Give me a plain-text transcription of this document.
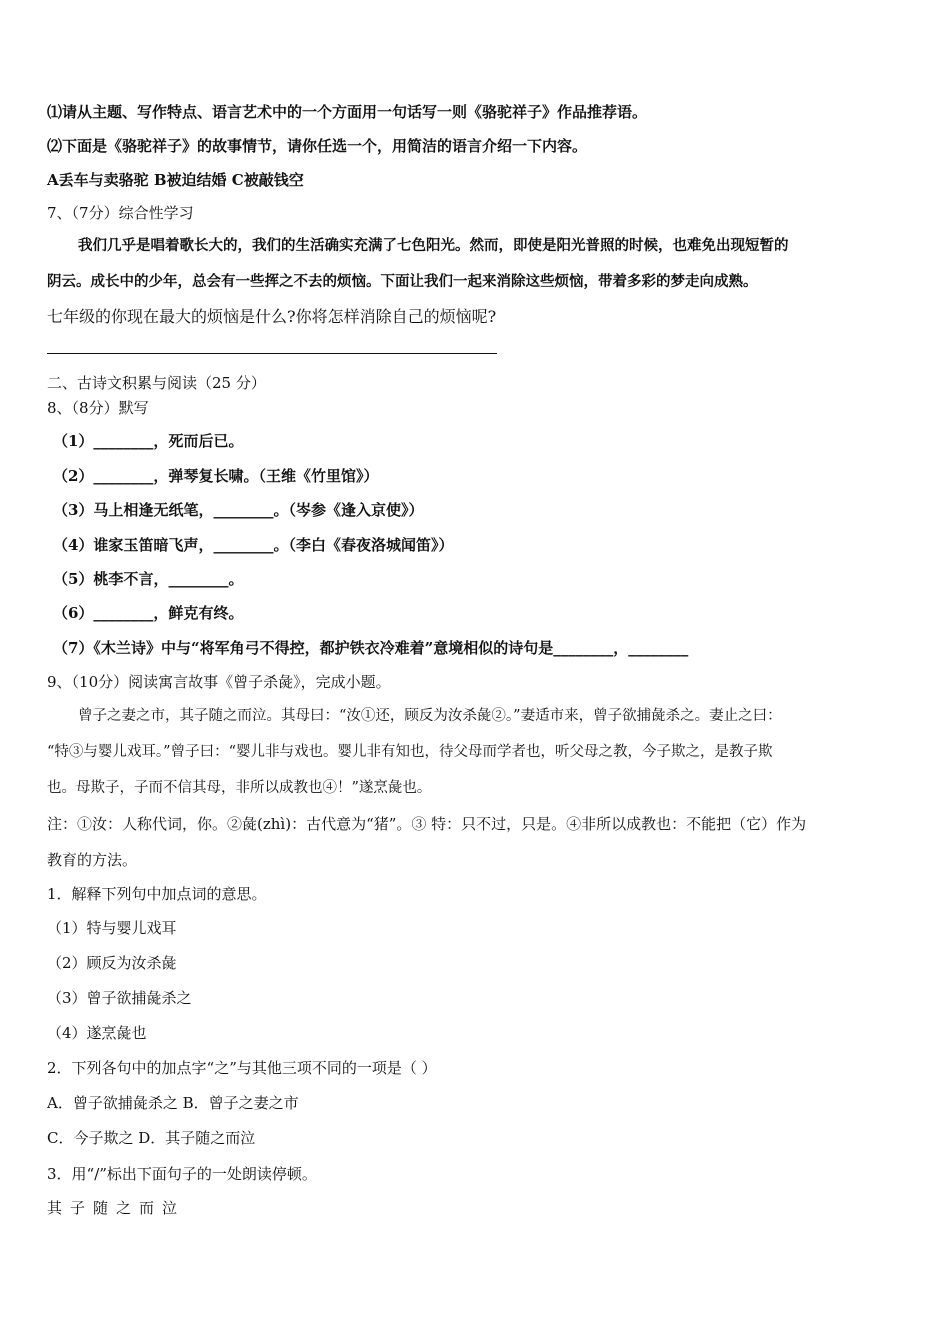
⑴请从主题、写作特点、语言艺术中的一个方面用一句话写一则《骆驼祥子》作品推荐语。
⑵下面是《骆驼祥子》的故事情节，请你任选一个，用简洁的语言介绍一下内容。
A丢车与卖骆驼 B被迫结婚 C被敲钱空
7、（7分）综合性学习
我们几乎是唱着歌长大的，我们的生活确实充满了七色阳光。然而，即使是阳光普照的时候，也难免出现短暂的
阴云。成长中的少年，总会有一些挥之不去的烦恼。下面让我们一起来消除这些烦恼，带着多彩的梦走向成熟。
七年级的你现在最大的烦恼是什么?你将怎样消除自己的烦恼呢?
二、古诗文积累与阅读（25 分）
8、（8分）默写
（1）________，死而后已。
（2）________，弹琴复长啸。（王维《竹里馆》）
（3）马上相逢无纸笔，________。（岑参《逢入京使》）
（4）谁家玉笛暗飞声，________。（李白《春夜洛城闻笛》）
（5）桃李不言，________。
（6）________，鲜克有终。
（7）《木兰诗》中与“将军角弓不得控，都护铁衣冷难着”意境相似的诗句是________，________
9、（10分）阅读寓言故事《曾子杀彘》，完成小题。
曾子之妻之市，其子随之而泣。其母曰：“汝①还，顾反为汝杀彘②。”妻适市来，曾子欲捕彘杀之。妻止之曰：
“特③与婴儿戏耳。”曾子曰：“婴儿非与戏也。婴儿非有知也，待父母而学者也，听父母之教，今子欺之，是教子欺
也。母欺子，子而不信其母，非所以成教也④！”遂烹彘也。
注：①汝：人称代词，你。②彘(zhì)：古代意为“猪”。③ 特：只不过，只是。④非所以成教也：不能把（它）作为
教育的方法。
1．解释下列句中加点词的意思。
（1）特与婴儿戏耳
（2）顾反为汝杀彘
（3）曾子欲捕彘杀之
（4）遂烹彘也
2．下列各句中的加点字“之”与其他三项不同的一项是（ ）
A．曾子欲捕彘杀之 B．曾子之妻之市
C．今子欺之 D．其子随之而泣
3．用“/”标出下面句子的一处朗读停顿。
其子随之而泣
